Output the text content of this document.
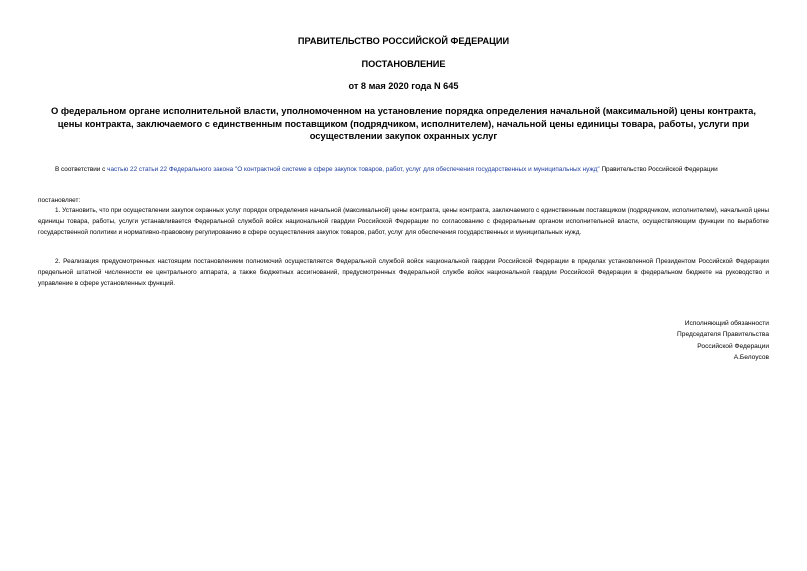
ПРАВИТЕЛЬСТВО РОССИЙСКОЙ ФЕДЕРАЦИИ
ПОСТАНОВЛЕНИЕ
от 8 мая 2020 года N 645
О федеральном органе исполнительной власти, уполномоченном на установление порядка определения начальной (максимальной) цены контракта, цены контракта, заключаемого с единственным поставщиком (подрядчиком, исполнителем), начальной цены единицы товара, работы, услуги при осуществлении закупок охранных услуг
В соответствии с частью 22 статьи 22 Федерального закона "О контрактной системе в сфере закупок товаров, работ, услуг для обеспечения государственных и муниципальных нужд" Правительство Российской Федерации
постановляет:
1. Установить, что при осуществлении закупок охранных услуг порядок определения начальной (максимальной) цены контракта, цены контракта, заключаемого с единственным поставщиком (подрядчиком, исполнителем), начальной цены единицы товара, работы, услуги устанавливается Федеральной службой войск национальной гвардии Российской Федерации по согласованию с федеральным органом исполнительной власти, осуществляющим функции по выработке государственной политики и нормативно-правовому регулированию в сфере осуществления закупок товаров, работ, услуг для обеспечения государственных и муниципальных нужд.
2. Реализация предусмотренных настоящим постановлением полномочий осуществляется Федеральной службой войск национальной гвардии Российской Федерации в пределах установленной Президентом Российской Федерации предельной штатной численности ее центрального аппарата, а также бюджетных ассигнований, предусмотренных Федеральной службе войск национальной гвардии Российской Федерации в федеральном бюджете на руководство и управление в сфере установленных функций.
Исполняющий обязанности
Председателя Правительства
Российской Федерации
А.Белоусов
